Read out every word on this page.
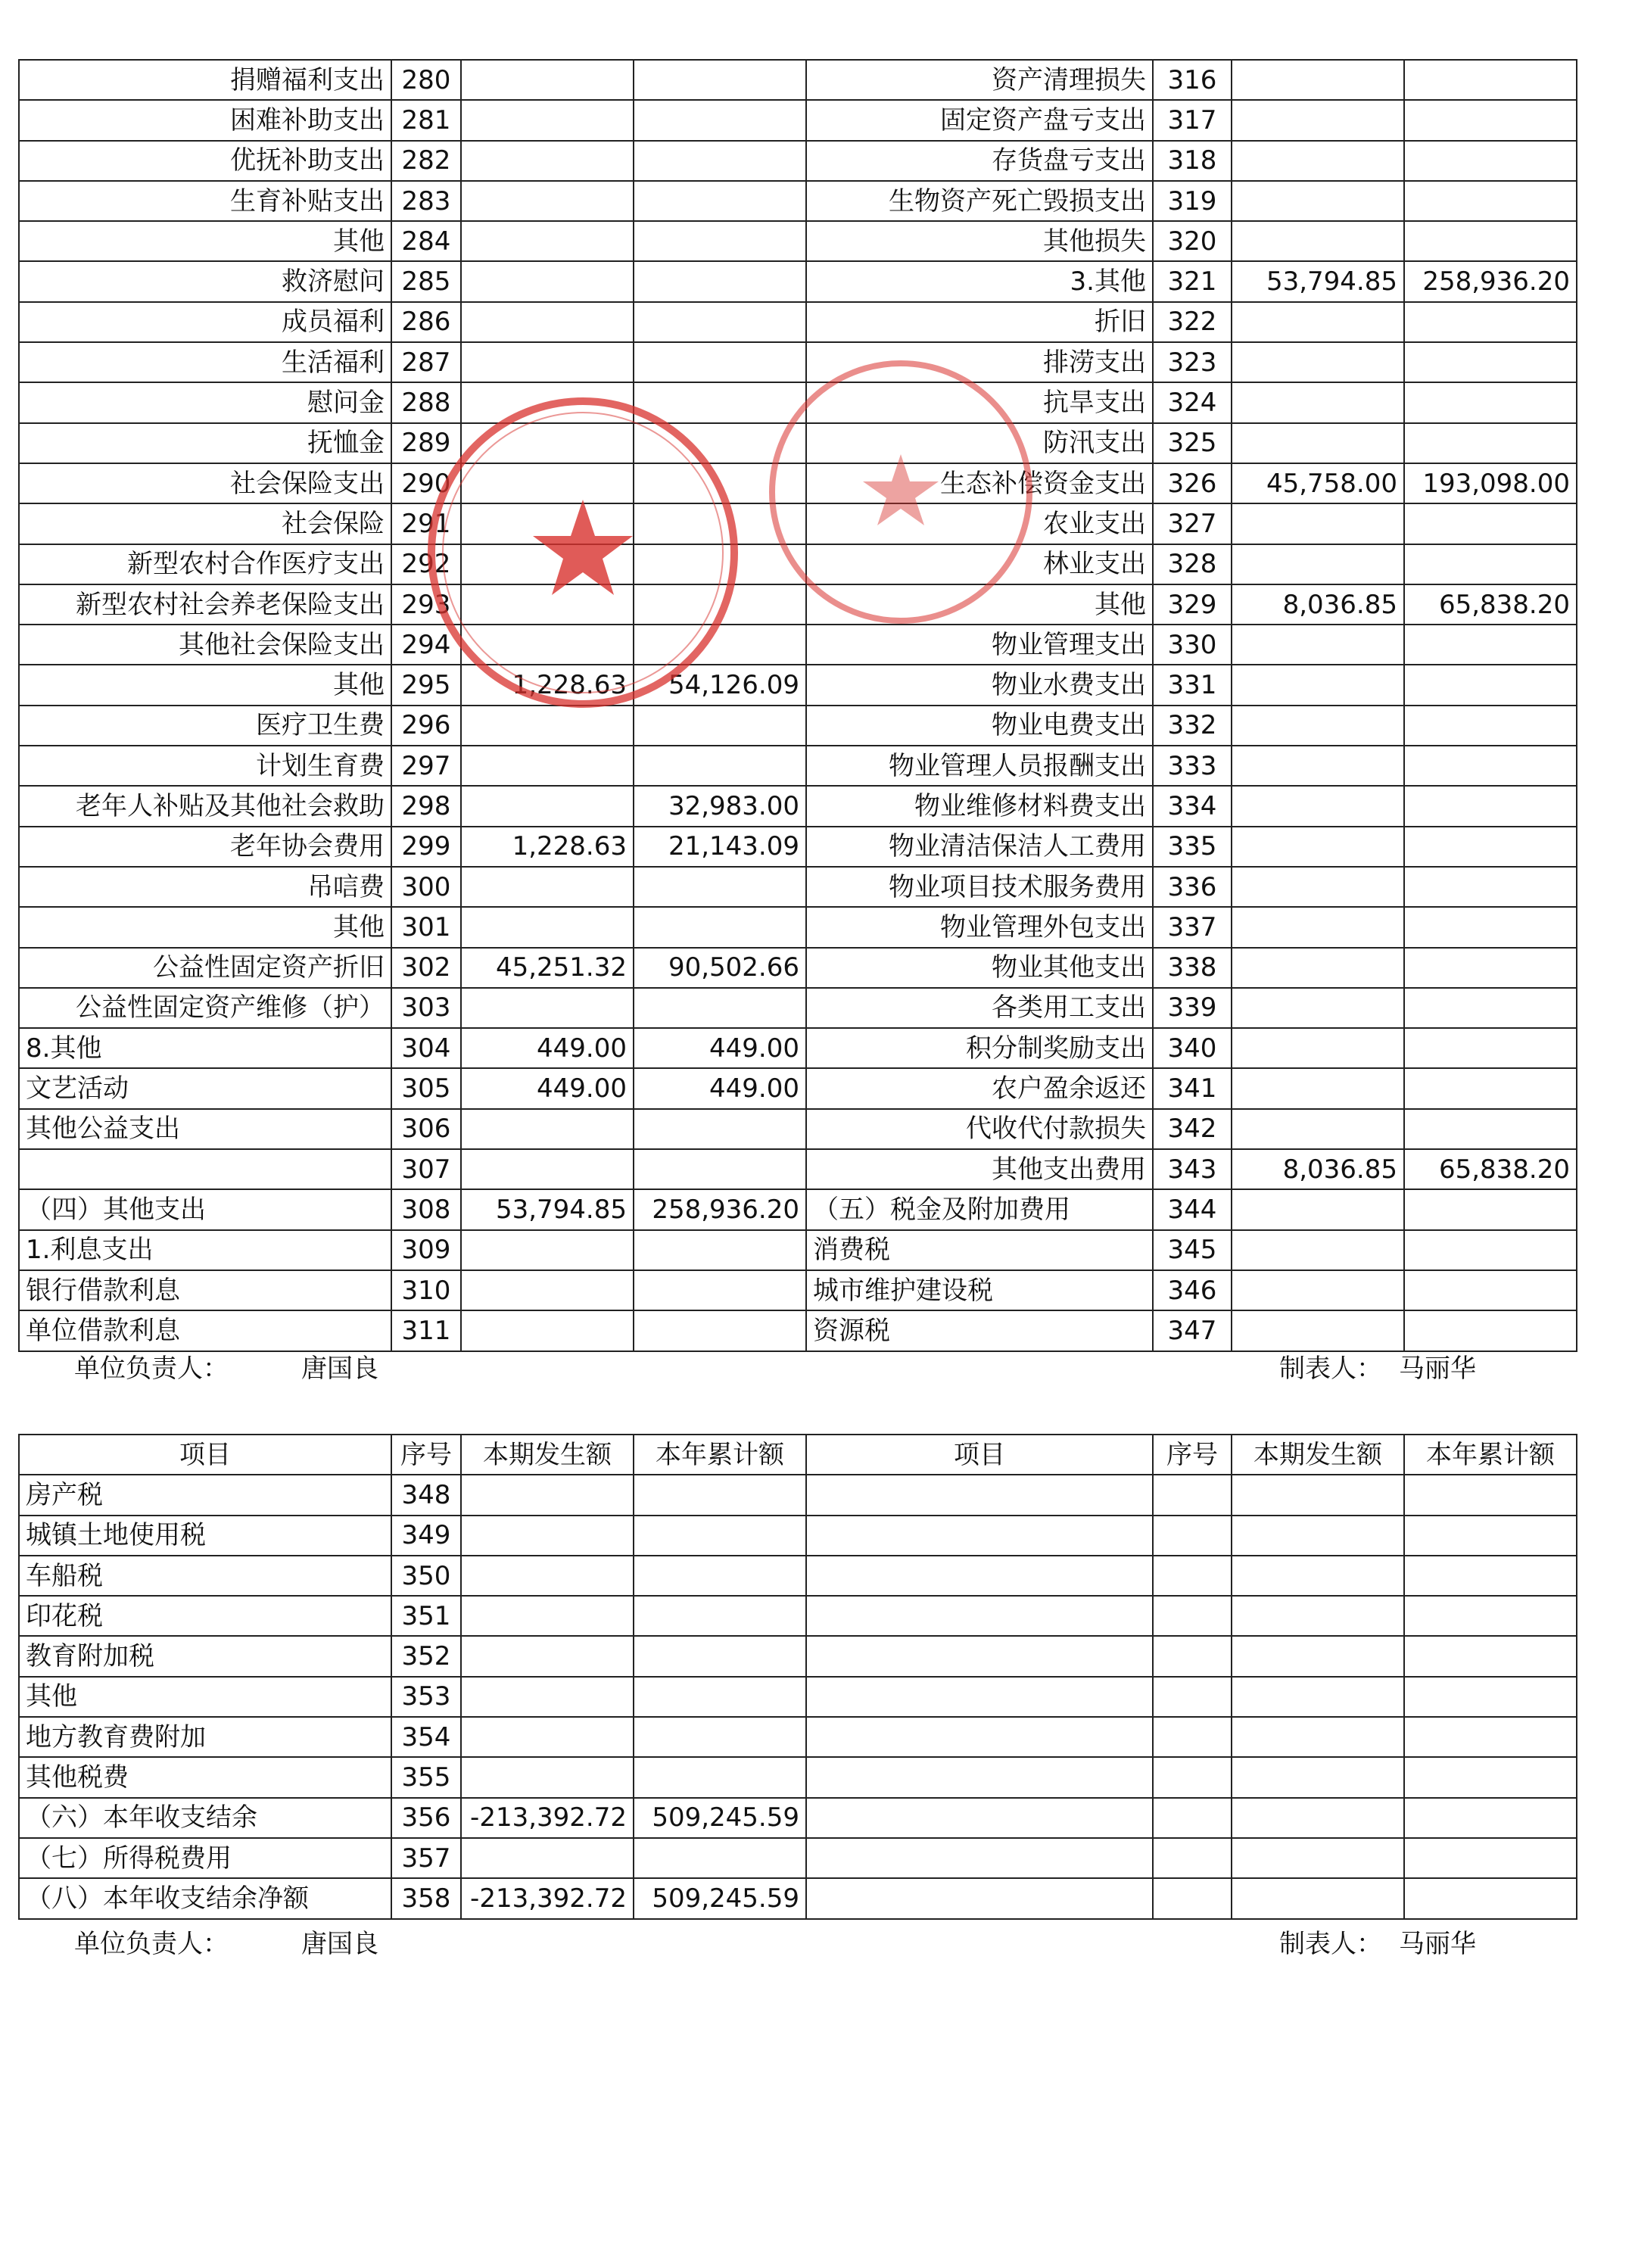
捐赠福利支出	280			资产清理损失	316		
困难补助支出	281			固定资产盘亏支出	317		
优抚补助支出	282			存货盘亏支出	318		
生育补贴支出	283			生物资产死亡毁损支出	319		
其他	284			其他损失	320		
救济慰问	285			3.其他	321	53,794.85	258,936.20
成员福利	286			折旧	322		
生活福利	287			排涝支出	323		
慰问金	288			抗旱支出	324		
抚恤金	289			防汛支出	325		
社会保险支出	290			生态补偿资金支出	326	45,758.00	193,098.00
社会保险	291			农业支出	327		
新型农村合作医疗支出	292			林业支出	328		
新型农村社会养老保险支出	293			其他	329	8,036.85	65,838.20
其他社会保险支出	294			物业管理支出	330		
其他	295	1,228.63	54,126.09	物业水费支出	331		
医疗卫生费	296			物业电费支出	332		
计划生育费	297			物业管理人员报酬支出	333		
老年人补贴及其他社会救助	298		32,983.00	物业维修材料费支出	334		
老年协会费用	299	1,228.63	21,143.09	物业清洁保洁人工费用	335		
吊唁费	300			物业项目技术服务费用	336		
其他	301			物业管理外包支出	337		
公益性固定资产折旧	302	45,251.32	90,502.66	物业其他支出	338		
公益性固定资产维修（护）	303			各类用工支出	339		
8.其他	304	449.00	449.00	积分制奖励支出	340		
文艺活动	305	449.00	449.00	农户盈余返还	341		
其他公益支出	306			代收代付款损失	342		
	307			其他支出费用	343	8,036.85	65,838.20
（四）其他支出	308	53,794.85	258,936.20	（五）税金及附加费用	344		
1.利息支出	309			消费税	345		
银行借款利息	310			城市维护建设税	346		
单位借款利息	311			资源税	347		
单位负责人：	唐国良	制表人： 马丽华
项目	序号	本期发生额	本年累计额	项目	序号	本期发生额	本年累计额
房产税	348						
城镇土地使用税	349						
车船税	350						
印花税	351						
教育附加税	352						
其他	353						
地方教育费附加	354						
其他税费	355						
（六）本年收支结余	356	-213,392.72	509,245.59				
（七）所得税费用	357						
（八）本年收支结余净额	358	-213,392.72	509,245.59				
单位负责人：	唐国良	制表人： 马丽华
